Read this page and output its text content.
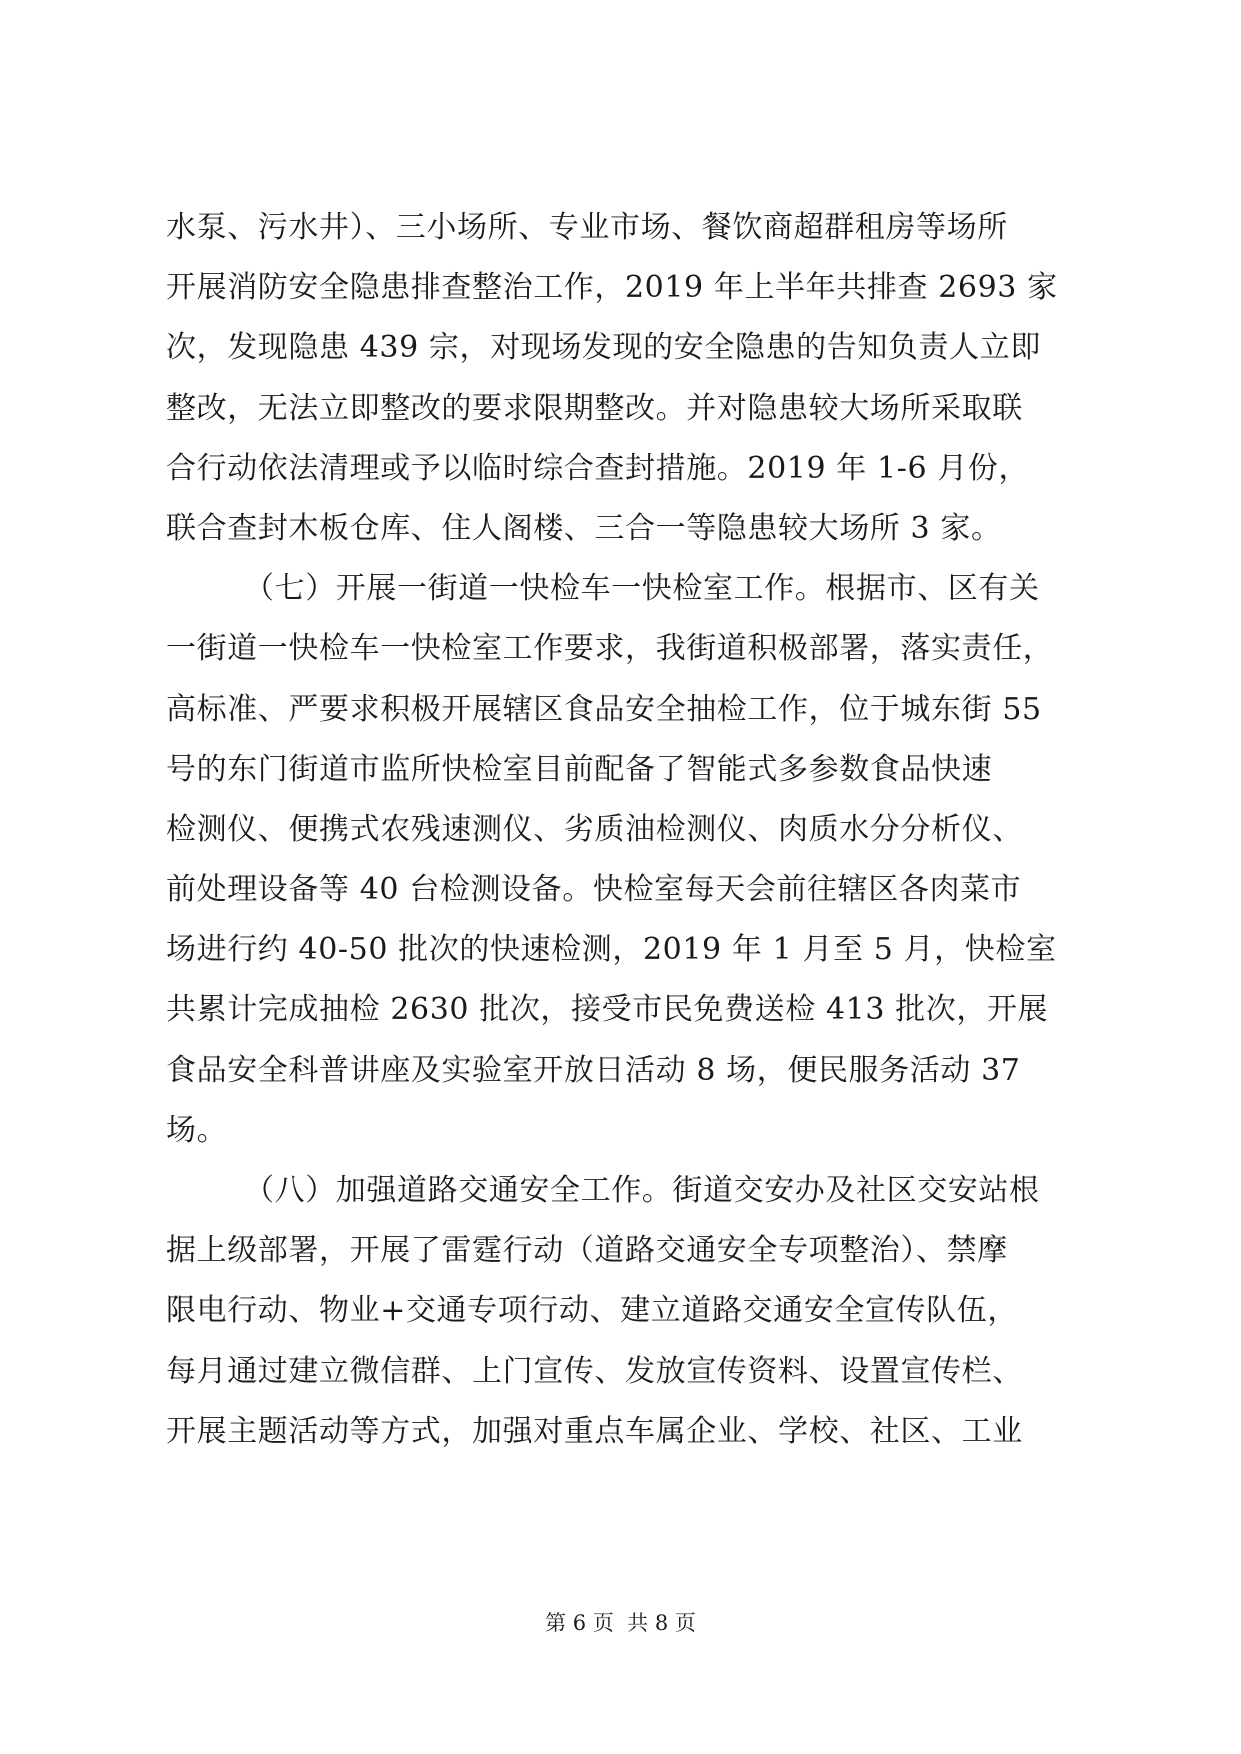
水泵、污水井）、三小场所、专业市场、餐饮商超群租房等场所
开展消防安全隐患排查整治工作，2019 年上半年共排查 2693 家
次，发现隐患 439 宗，对现场发现的安全隐患的告知负责人立即
整改，无法立即整改的要求限期整改。并对隐患较大场所采取联
合行动依法清理或予以临时综合查封措施。2019 年 1-6 月份，
联合查封木板仓库、住人阁楼、三合一等隐患较大场所 3 家。
（七）开展一街道一快检车一快检室工作。根据市、区有关
一街道一快检车一快检室工作要求，我街道积极部署，落实责任，
高标准、严要求积极开展辖区食品安全抽检工作，位于城东街 55
号的东门街道市监所快检室目前配备了智能式多参数食品快速
检测仪、便携式农残速测仪、劣质油检测仪、肉质水分分析仪、
前处理设备等 40 台检测设备。快检室每天会前往辖区各肉菜市
场进行约 40-50 批次的快速检测，2019 年 1 月至 5 月，快检室
共累计完成抽检 2630 批次，接受市民免费送检 413 批次，开展
食品安全科普讲座及实验室开放日活动 8 场，便民服务活动 37
场。
（八）加强道路交通安全工作。街道交安办及社区交安站根
据上级部署，开展了雷霆行动（道路交通安全专项整治）、禁摩
限电行动、物业+交通专项行动、建立道路交通安全宣传队伍，
每月通过建立微信群、上门宣传、发放宣传资料、设置宣传栏、
开展主题活动等方式，加强对重点车属企业、学校、社区、工业
第 6 页  共 8 页
